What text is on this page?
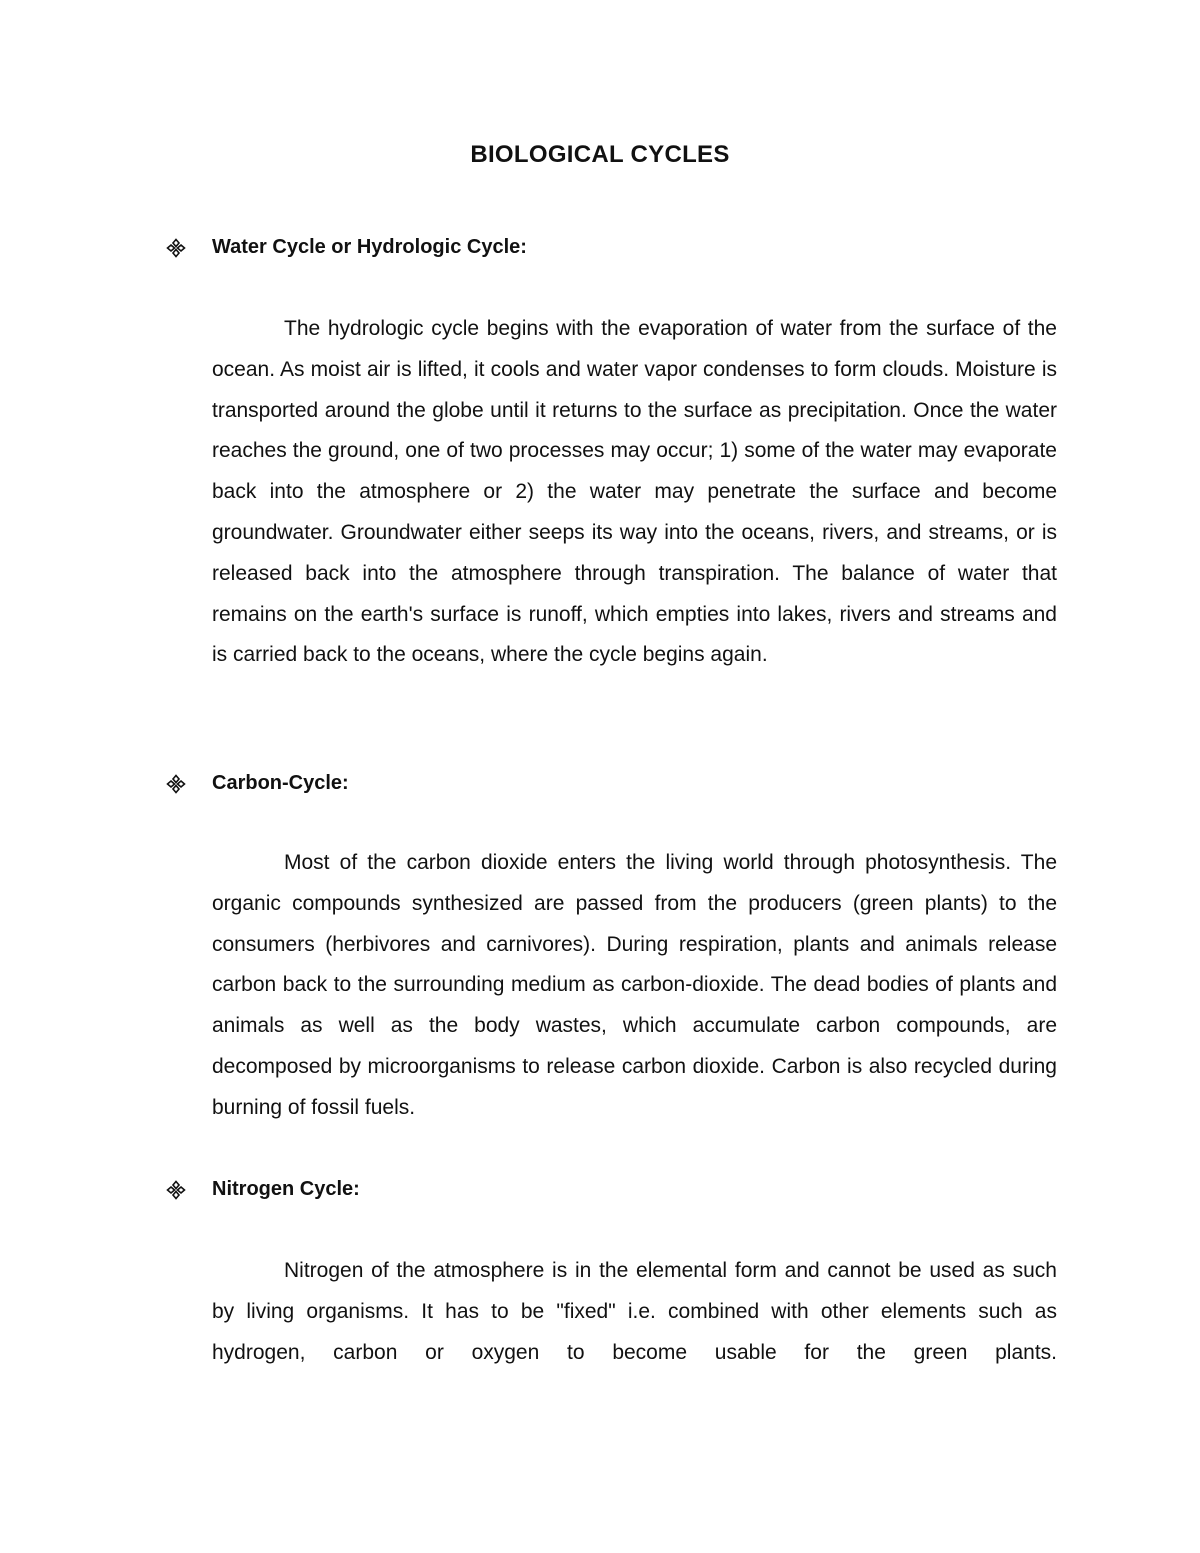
BIOLOGICAL CYCLES
Water Cycle or Hydrologic Cycle:

The hydrologic cycle begins with the evaporation of water from the surface of the ocean. As moist air is lifted, it cools and water vapor condenses to form clouds. Moisture is transported around the globe until it returns to the surface as precipitation. Once the water reaches the ground, one of two processes may occur; 1) some of the water may evaporate back into the atmosphere or 2) the water may penetrate the surface and become groundwater. Groundwater either seeps its way into the oceans, rivers, and streams, or is released back into the atmosphere through transpiration. The balance of water that remains on the earth's surface is runoff, which empties into lakes, rivers and streams and is carried back to the oceans, where the cycle begins again.

Carbon-Cycle:

Most of the carbon dioxide enters the living world through photosynthesis. The organic compounds synthesized are passed from the producers (green plants) to the consumers (herbivores and carnivores). During respiration, plants and animals release carbon back to the surrounding medium as carbon-dioxide. The dead bodies of plants and animals as well as the body wastes, which accumulate carbon compounds, are decomposed by microorganisms to release carbon dioxide. Carbon is also recycled during burning of fossil fuels.

Nitrogen Cycle:

Nitrogen of the atmosphere is in the elemental form and cannot be used as such by living organisms. It has to be "fixed" i.e. combined with other elements such as hydrogen, carbon or oxygen to become usable for the green plants.
